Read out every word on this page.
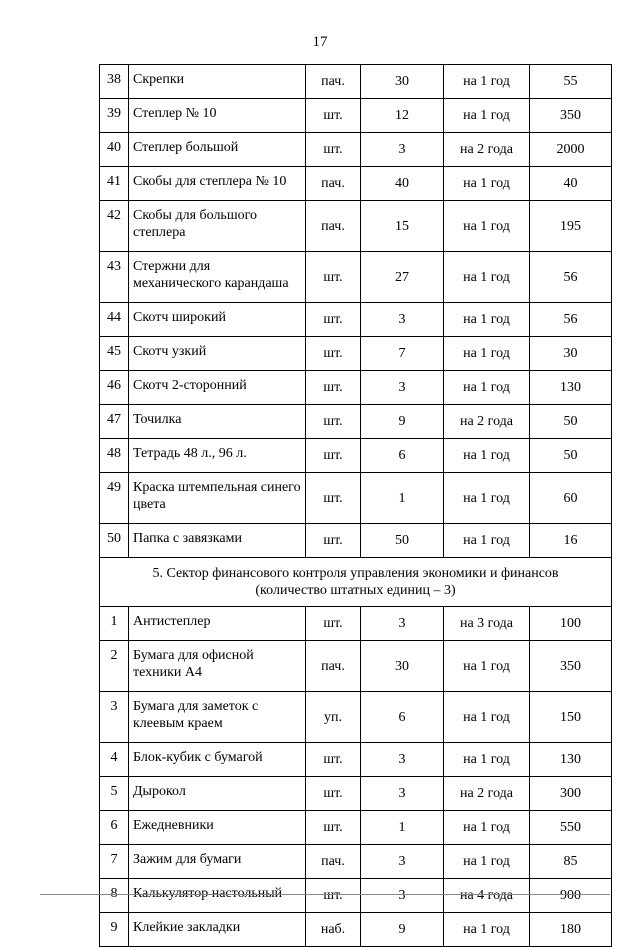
17
38	Скрепки	пач.	30	на 1 год	55
39	Степлер № 10	шт.	12	на 1 год	350
40	Степлер большой	шт.	3	на 2 года	2000
41	Скобы для степлера № 10	пач.	40	на 1 год	40
42	Скобы для большого степлера	пач.	15	на 1 год	195
43	Стержни для механического карандаша	шт.	27	на 1 год	56
44	Скотч широкий	шт.	3	на 1 год	56
45	Скотч узкий	шт.	7	на 1 год	30
46	Скотч 2-сторонний	шт.	3	на 1 год	130
47	Точилка	шт.	9	на 2 года	50
48	Тетрадь 48 л., 96 л.	шт.	6	на 1 год	50
49	Краска штемпельная синего цвета	шт.	1	на 1 год	60
50	Папка с завязками	шт.	50	на 1 год	16

5. Сектор финансового контроля управления экономики и финансов
(количество штатных единиц – 3)					

1	Антистеплер	шт.	3	на 3 года	100
2	Бумага для офисной техники А4	пач.	30	на 1 год	350
3	Бумага для заметок с клеевым краем	уп.	6	на 1 год	150
4	Блок-кубик с бумагой	шт.	3	на 1 год	130
5	Дырокол	шт.	3	на 2 года	300
6	Ежедневники	шт.	1	на 1 год	550
7	Зажим для бумаги	пач.	3	на 1 год	85
8	Калькулятор настольный	шт.	3	на 4 года	900
9	Клейкие закладки	наб.	9	на 1 год	180
